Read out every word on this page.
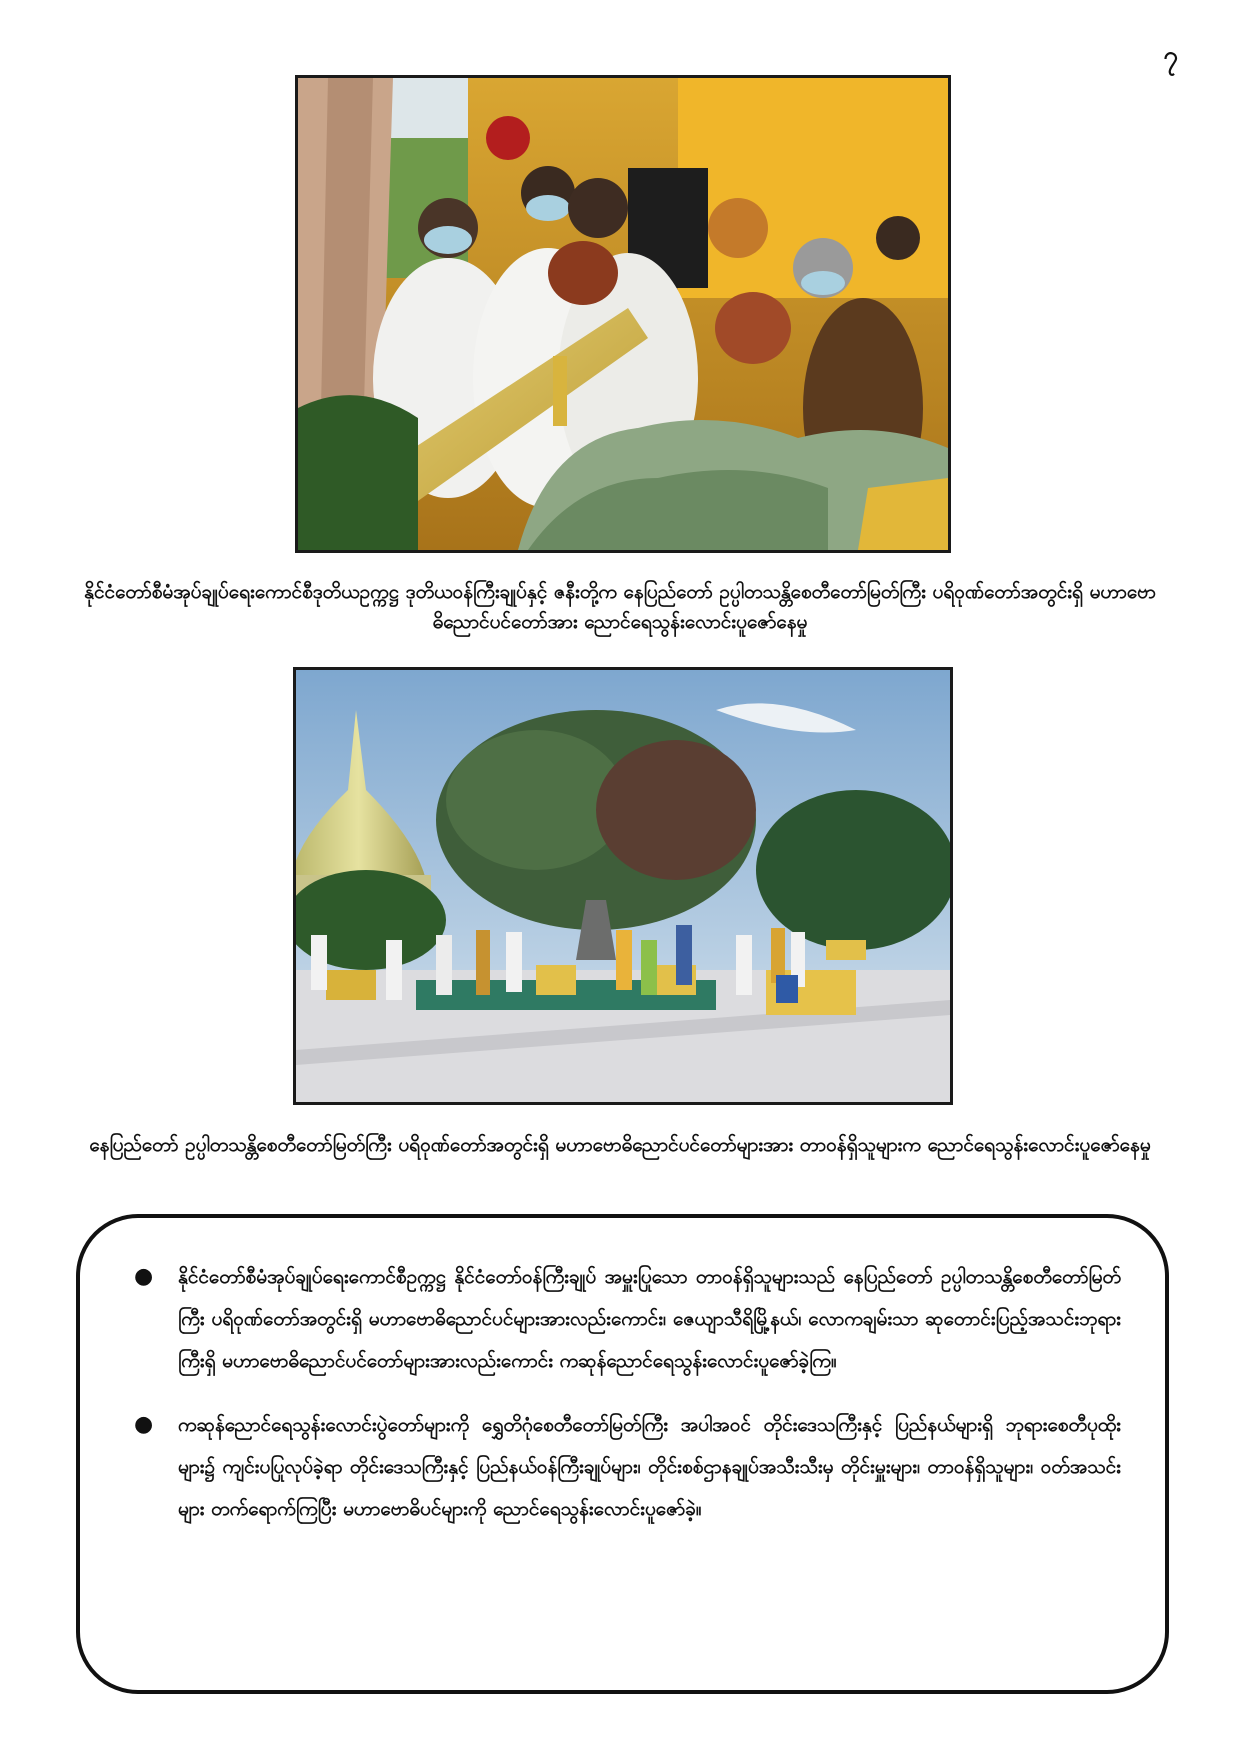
၇
နိုင်ငံတော်စီမံအုပ်ချုပ်ရေးကောင်စီဒုတိယဥက္ကဋ္ဌ ဒုတိယဝန်ကြီးချုပ်နှင့် ဇနီးတို့က နေပြည်တော် ဥပ္ပါတသန္တိစေတီတော်မြတ်ကြီး ပရိဝုဏ်တော်အတွင်းရှိ မဟာဗောဓိညောင်ပင်တော်အား ညောင်ရေသွန်းလောင်းပူဇော်နေမှု
နေပြည်တော် ဥပ္ပါတသန္တိစေတီတော်မြတ်ကြီး ပရိဝုဏ်တော်အတွင်းရှိ မဟာဗောဓိညောင်ပင်တော်များအား တာဝန်ရှိသူများက ညောင်ရေသွန်းလောင်းပူဇော်နေမှု
● နိုင်ငံတော်စီမံအုပ်ချုပ်ရေးကောင်စီဥက္ကဋ္ဌ နိုင်ငံတော်ဝန်ကြီးချုပ် အမှူးပြုသော တာဝန်ရှိသူများသည် နေပြည်တော် ဥပ္ပါတသန္တိစေတီတော်မြတ်ကြီး ပရိဝုဏ်တော်အတွင်းရှိ မဟာဗောဓိညောင်ပင်များအားလည်းကောင်း၊ ဇေယျာသီရိမြို့နယ်၊ လောကချမ်းသာ ဆုတောင်းပြည့်အသင်းဘုရားကြီးရှိ မဟာဗောဓိညောင်ပင်တော်များအားလည်းကောင်း ကဆုန်ညောင်ရေသွန်းလောင်းပူဇော်ခဲ့ကြ။
● ကဆုန်ညောင်ရေသွန်းလောင်းပွဲတော်များကို ရွှေတိဂုံစေတီတော်မြတ်ကြီး အပါအဝင် တိုင်းဒေသကြီးနှင့် ပြည်နယ်များရှိ ဘုရားစေတီပုထိုးများ၌ ကျင်းပပြုလုပ်ခဲ့ရာ တိုင်းဒေသကြီးနှင့် ပြည်နယ်ဝန်ကြီးချုပ်များ၊ တိုင်းစစ်ဌာနချုပ်အသီးသီးမှ တိုင်းမှူးများ၊ တာဝန်ရှိသူများ၊ ဝတ်အသင်းများ တက်ရောက်ကြပြီး မဟာဗောဓိပင်များကို ညောင်ရေသွန်းလောင်းပူဇော်ခဲ့။
